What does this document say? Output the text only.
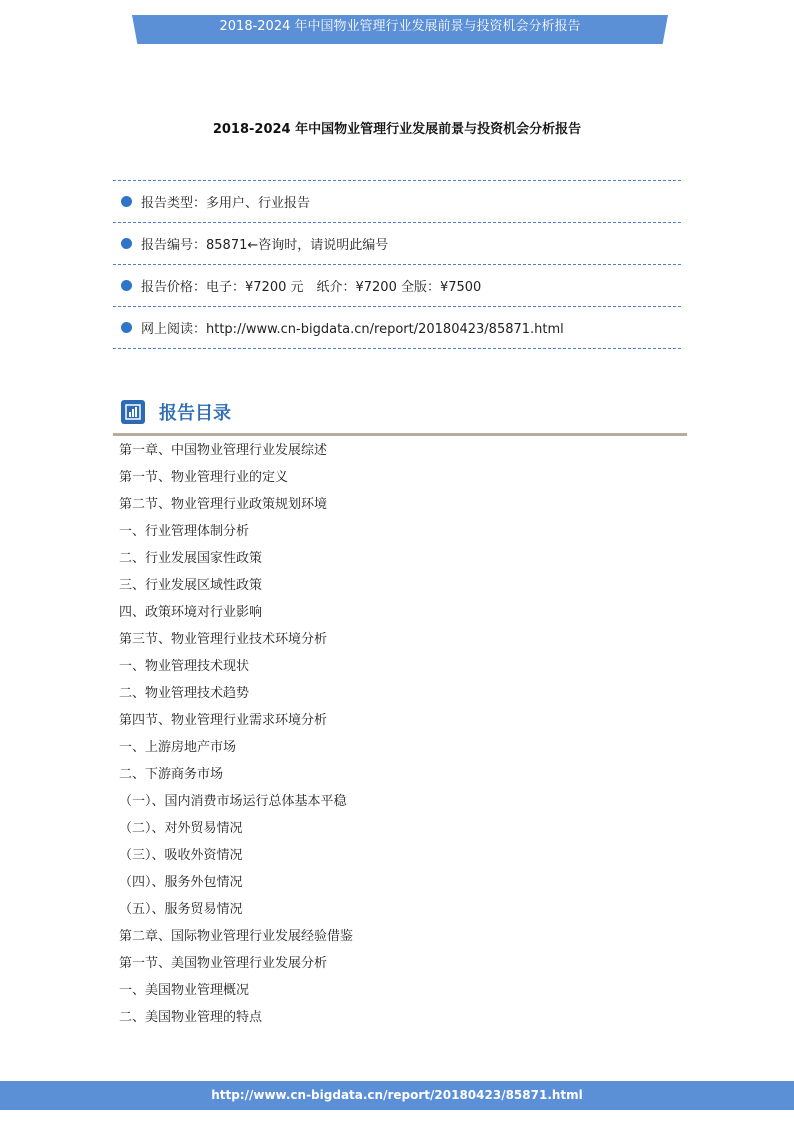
2018-2024 年中国物业管理行业发展前景与投资机会分析报告
2018-2024 年中国物业管理行业发展前景与投资机会分析报告
报告类型：多用户、行业报告
报告编号：85871←咨询时，请说明此编号
报告价格：电子：¥7200 元　纸介：¥7200 全版：¥7500
网上阅读：http://www.cn-bigdata.cn/report/20180423/85871.html
报告目录
第一章、中国物业管理行业发展综述
第一节、物业管理行业的定义
第二节、物业管理行业政策规划环境
一、行业管理体制分析
二、行业发展国家性政策
三、行业发展区域性政策
四、政策环境对行业影响
第三节、物业管理行业技术环境分析
一、物业管理技术现状
二、物业管理技术趋势
第四节、物业管理行业需求环境分析
一、上游房地产市场
二、下游商务市场
（一）、国内消费市场运行总体基本平稳
（二）、对外贸易情况
（三）、吸收外资情况
（四）、服务外包情况
（五）、服务贸易情况
第二章、国际物业管理行业发展经验借鉴
第一节、美国物业管理行业发展分析
一、美国物业管理概况
二、美国物业管理的特点
http://www.cn-bigdata.cn/report/20180423/85871.html
